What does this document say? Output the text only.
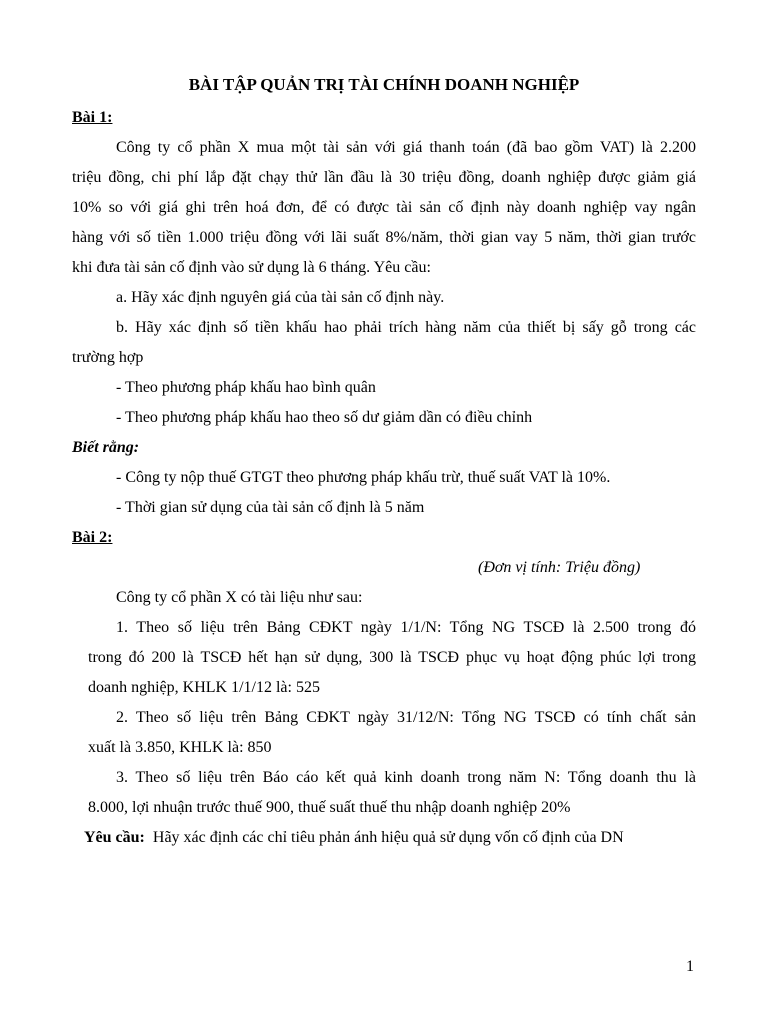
BÀI TẬP QUẢN TRỊ TÀI CHÍNH DOANH NGHIỆP
Bài 1:
Công ty cổ phần X mua một tài sản với giá thanh toán (đã bao gồm VAT) là 2.200
triệu đồng, chi phí lắp đặt chạy thử lần đầu là 30 triệu đồng, doanh nghiệp được giảm giá
10% so với giá ghi trên hoá đơn, để có được tài sản cố định này doanh nghiệp vay ngân
hàng với số tiền 1.000 triệu đồng với lãi suất 8%/năm, thời gian vay 5 năm, thời gian trước
khi đưa tài sản cố định vào sử dụng là 6 tháng. Yêu cầu:
a. Hãy xác định nguyên giá của tài sản cố định này.
b. Hãy xác định số tiền khấu hao phải trích hàng năm của thiết bị sấy gỗ trong các
trường hợp
- Theo phương pháp khấu hao bình quân
- Theo phương pháp khấu hao theo số dư giảm dần có điều chỉnh
Biết rằng:
- Công ty nộp thuế GTGT theo phương pháp khấu trừ, thuế suất VAT là 10%.
- Thời gian sử dụng của tài sản cố định là 5 năm
Bài 2:
(Đơn vị tính: Triệu đồng)
Công ty cổ phần X có tài liệu như sau:
1. Theo số liệu trên Bảng CĐKT ngày 1/1/N: Tổng NG TSCĐ là 2.500 trong đó
trong đó 200 là TSCĐ hết hạn sử dụng, 300 là TSCĐ phục vụ hoạt động phúc lợi trong
doanh nghiệp, KHLK 1/1/12 là: 525
2. Theo số liệu trên Bảng CĐKT ngày 31/12/N: Tổng NG TSCĐ có tính chất sản
xuất là 3.850, KHLK là: 850
3. Theo số liệu trên Báo cáo kết quả kinh doanh trong năm N: Tổng doanh thu là
8.000, lợi nhuận trước thuế 900, thuế suất thuế thu nhập doanh nghiệp 20%
Yêu cầu: Hãy xác định các chỉ tiêu phản ánh hiệu quả sử dụng vốn cố định của DN
1
